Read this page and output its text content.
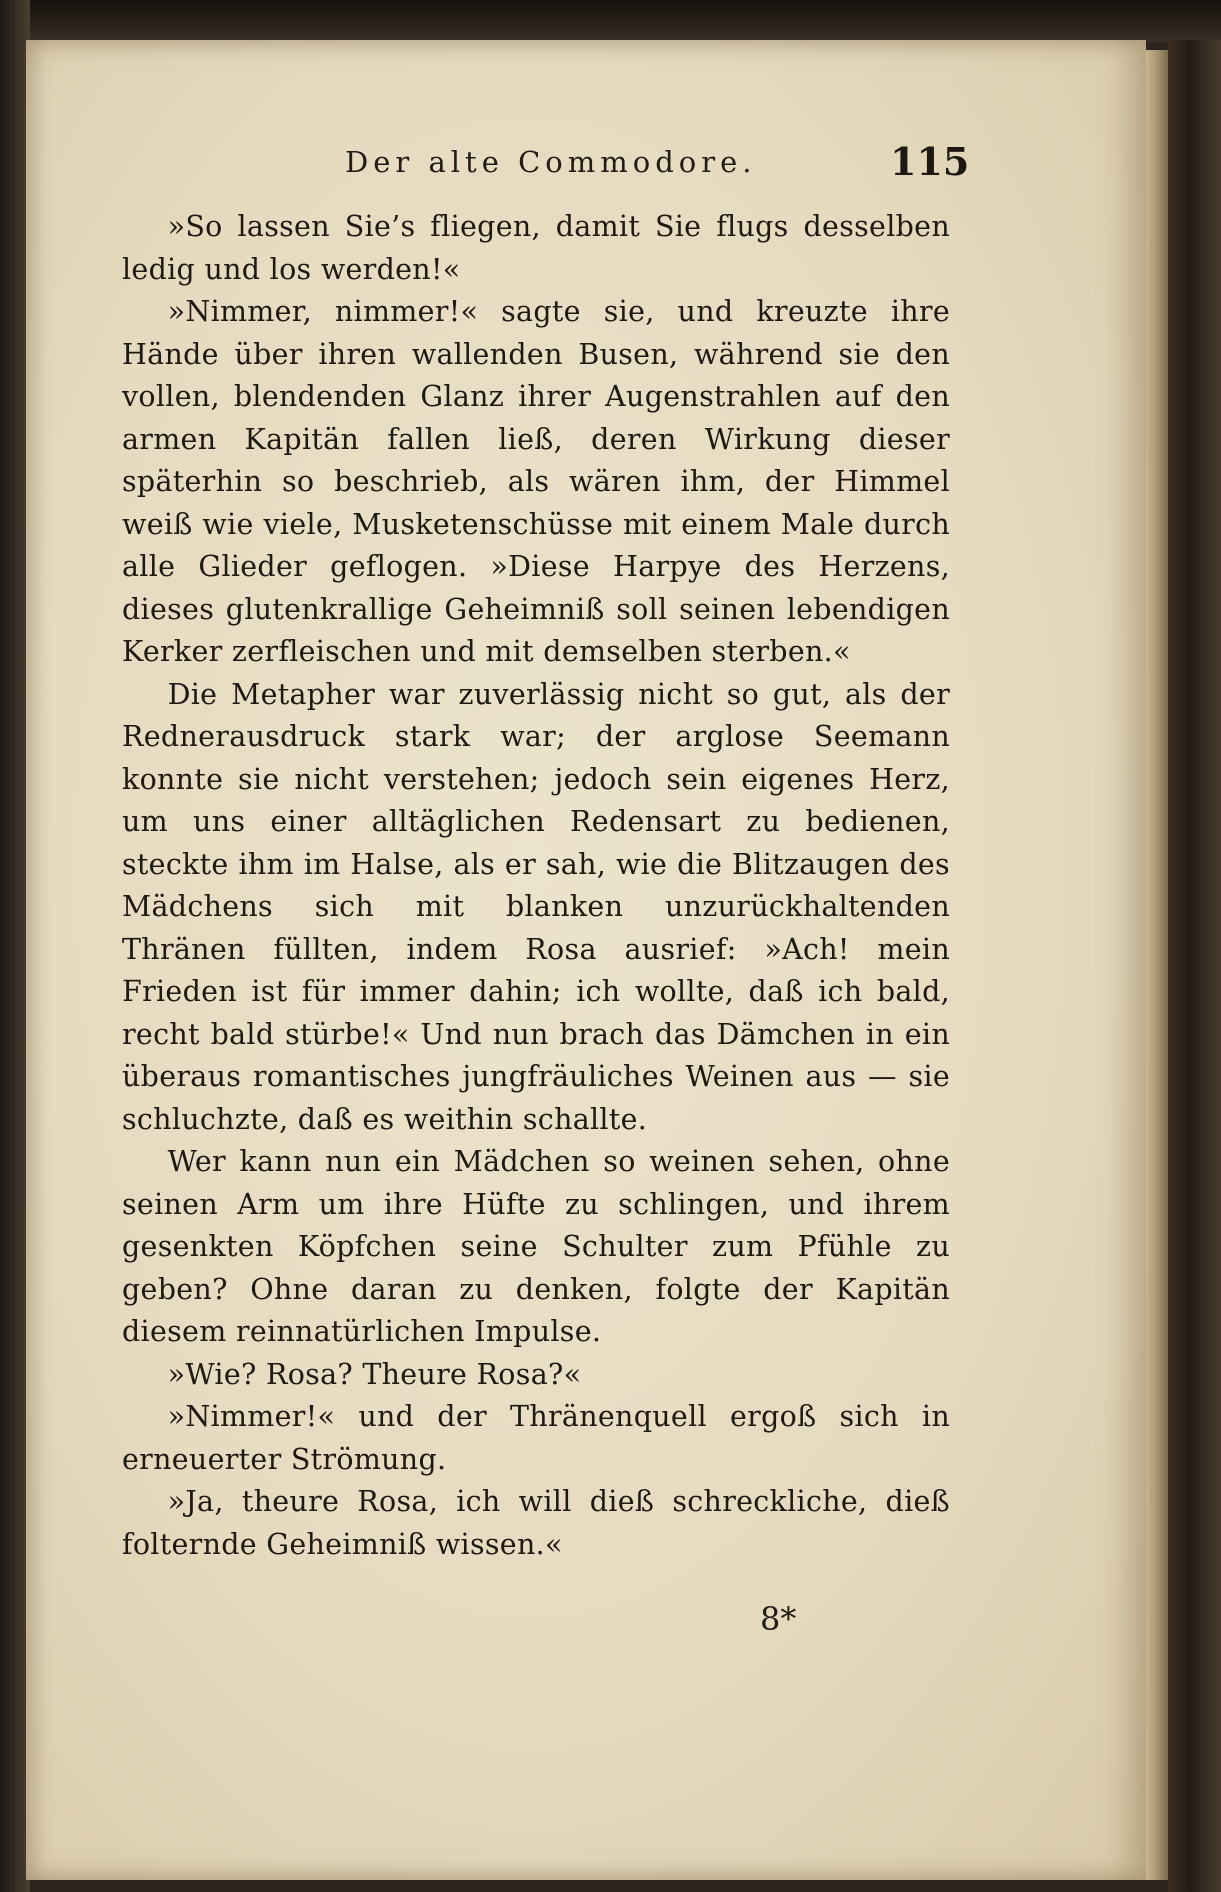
Der alte Commodore.	115

»So lassen Sie’s fliegen, damit Sie flugs desselben ledig und los werden!«

»Nimmer, nimmer!« sagte sie, und kreuzte ihre Hände über ihren wallenden Busen, während sie den vollen, blendenden Glanz ihrer Augenstrahlen auf den armen Kapitän fallen ließ, deren Wirkung dieser späterhin so beschrieb, als wären ihm, der Himmel weiß wie viele, Musketenschüsse mit einem Male durch alle Glieder geflogen. »Diese Harpye des Herzens, dieses glutenkrallige Geheimniß soll seinen lebendigen Kerker zerfleischen und mit demselben sterben.«

Die Metapher war zuverlässig nicht so gut, als der Rednerausdruck stark war; der arglose Seemann konnte sie nicht verstehen; jedoch sein eigenes Herz, um uns einer alltäglichen Redensart zu bedienen, steckte ihm im Halse, als er sah, wie die Blitzaugen des Mädchens sich mit blanken unzurückhaltenden Thränen füllten, indem Rosa ausrief: »Ach! mein Frieden ist für immer dahin; ich wollte, daß ich bald, recht bald stürbe!« Und nun brach das Dämchen in ein überaus romantisches jungfräuliches Weinen aus — sie schluchzte, daß es weithin schallte.

Wer kann nun ein Mädchen so weinen sehen, ohne seinen Arm um ihre Hüfte zu schlingen, und ihrem gesenkten Köpfchen seine Schulter zum Pfühle zu geben? Ohne daran zu denken, folgte der Kapitän diesem reinnatürlichen Impulse.

»Wie? Rosa? Theure Rosa?«

»Nimmer!« und der Thränenquell ergoß sich in erneuerter Strömung.

»Ja, theure Rosa, ich will dieß schreckliche, dieß folternde Geheimniß wissen.«

8*
